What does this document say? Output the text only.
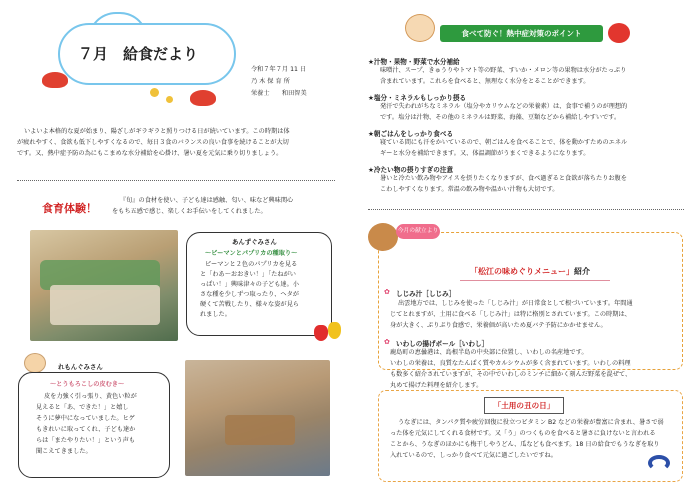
７月　給食だより
令和７年７月 11 日
乃 木 保 育 所
栄養士　　和田智美
いよいよ本格的な夏が始まり、陽ざしがギラギラと照りつける日が続いています。この時期は体
が疲れやすく、食欲も低下しやすくなるので、毎日３食のバランスの良い食事を続けることが大切
です。又、熱中症予防の為にもこまめな水分補給を心掛け、暑い夏を元気に乗り切りましょう。
食育体験！
『旬』の食材を使い、子ども達は感触、匂い、味など興味関心
をもち五感で感じ、楽しくお手伝いをしてくれました。
あんずぐみさん
～ピーマンとパプリカの種取り～
ピーマンと２色のパプリカを見る
と「わあ～おおきい！」「たねがい
っぱい！」興味津々の子ども達。小
さな種を少しずつ取ったり、ヘタが
硬くて苦戦したり、様々な姿が見ら
れました。
れもんぐみさん
～とうもろこしの皮むき～
皮を力強く引っ張り、黄色い粒が
見えると「あ、できた！」と嬉し
そうに夢中になっていました。ヒゲ
もきれいに取ってくれ、子ども達か
らは「またやりたい！」という声も
聞こえてきました。
食べて防ぐ！熱中症対策のポイント
★汁物・果物・野菜で水分補給
味噌汁、スープ、きゅうりやトマト等の野菜、すいか・メロン等の果物は水分がたっぷり
含まれています。これらを食べると、無理なく水分をとることができます。
★塩分・ミネラルもしっかり摂る
発汗で失われがちなミネラル（塩分やカリウムなどの栄養素）は、食事で補うのが理想的
です。塩分は汁物、その他のミネラルは野菜、海藻、豆類などから補給しやすいです。
★朝ごはんをしっかり食べる
寝ている間にも汗をかいているので、朝ごはんを食べることで、体を動かすためのエネル
ギーと水分を補給できます。又、体温調節がうまくできるようになります。
★冷たい物の摂りすぎの注意
暑いと冷たい飲み物やアイスを摂りたくなりますが、食べ過ぎると食欲が落ちたりお腹を
こわしやすくなります。常温の飲み物や温かい汁物も大切です。
今月の献立より
「松江の味めぐりメニュー」紹介
✿ しじみ汁［しじみ］
出雲地方では、しじみを使った「しじみ汁」が日常食として根づいています。年間通
じてとれますが、土用に食べる「しじみ汁」は特に格別とされています。この時期は、
身が大きく、ぷりぷり食感で、栄養価が高いため夏バテ予防にかかせません。
✿ いわしの揚げボール［いわし］
鹿島町の恵曇港は、島根半島の中央部に位置し、いわしの名産地です。
いわしの栄養は、良質なたんぱく質やカルシウムが多く含まれています。いわしの料理
も数多く紹介されていますが、その中でいわしのミンチに細かく刻んだ野菜を混ぜて、
丸めて揚げた料理を紹介します。
「土用の丑の日」
うなぎには、タンパク質や疲労回復に役立つビタミン B2 などの栄養が豊富に含まれ、暑さで弱
った体を元気にしてくれる食材です。又「う」のつくものを食べると暑さに負けないと言われる
ことから、うなぎのほかにも梅干しやうどん、瓜なども食べます。18 日の給食でもうなぎを取り
入れているので、しっかり食べて元気に過ごしたいですね。
